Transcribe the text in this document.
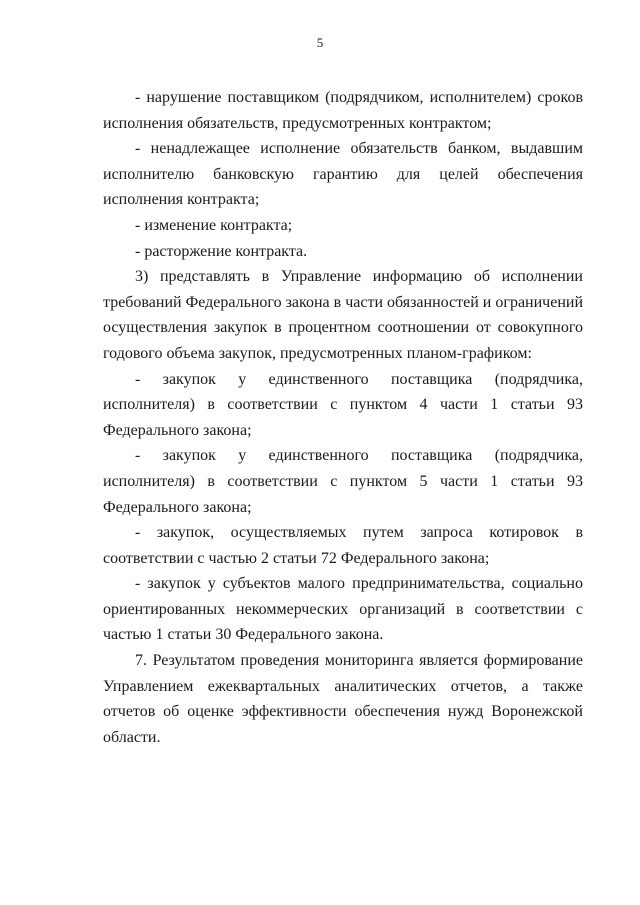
5

- нарушение поставщиком (подрядчиком, исполнителем) сроков исполнения обязательств, предусмотренных контрактом;

- ненадлежащее исполнение обязательств банком, выдавшим исполнителю банковскую гарантию для целей обеспечения исполнения контракта;

- изменение контракта;

- расторжение контракта.

3) представлять в Управление информацию об исполнении требований Федерального закона в части обязанностей и ограничений осуществления закупок в процентном соотношении от совокупного годового объема закупок, предусмотренных планом-графиком:

- закупок у единственного поставщика (подрядчика, исполнителя) в соответствии с пунктом 4 части 1 статьи 93 Федерального закона;

- закупок у единственного поставщика (подрядчика, исполнителя) в соответствии с пунктом 5 части 1 статьи 93 Федерального закона;

- закупок, осуществляемых путем запроса котировок в соответствии с частью 2 статьи 72 Федерального закона;

- закупок у субъектов малого предпринимательства, социально ориентированных некоммерческих организаций в соответствии с частью 1 статьи 30 Федерального закона.

7. Результатом проведения мониторинга является формирование Управлением ежеквартальных аналитических отчетов, а также отчетов об оценке эффективности обеспечения нужд Воронежской области.
